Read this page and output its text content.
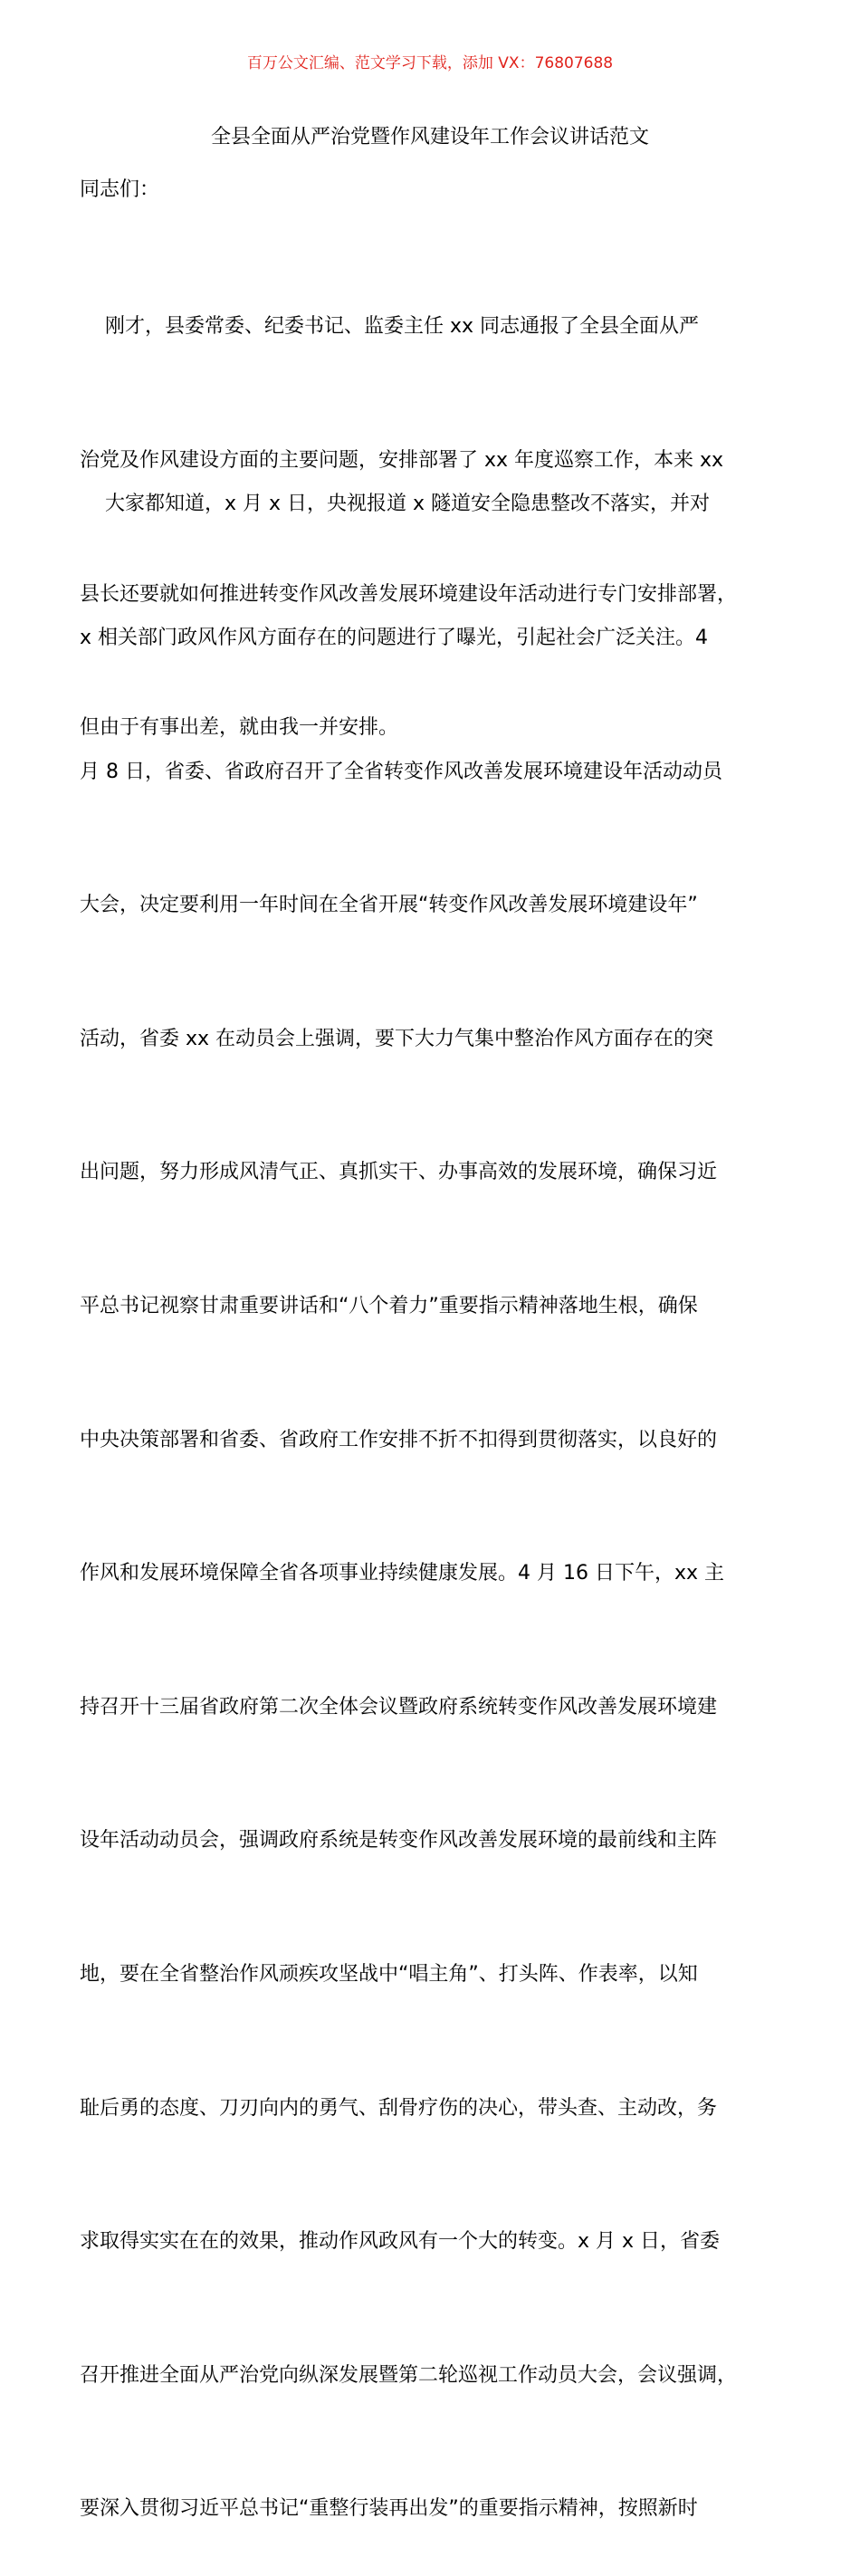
百万公文汇编、范文学习下载，添加 VX：76807688
全县全面从严治党暨作风建设年工作会议讲话范文
同志们：

刚才，县委常委、纪委书记、监委主任 xx 同志通报了全县全面从严

治党及作风建设方面的主要问题，安排部署了 xx 年度巡察工作，本来 xx

县长还要就如何推进转变作风改善发展环境建设年活动进行专门安排部署，

但由于有事出差，就由我一并安排。

大家都知道，x 月 x 日，央视报道 x 隧道安全隐患整改不落实，并对

x 相关部门政风作风方面存在的问题进行了曝光，引起社会广泛关注。4

月 8 日，省委、省政府召开了全省转变作风改善发展环境建设年活动动员

大会，决定要利用一年时间在全省开展“转变作风改善发展环境建设年”

活动，省委 xx 在动员会上强调，要下大力气集中整治作风方面存在的突

出问题，努力形成风清气正、真抓实干、办事高效的发展环境，确保习近

平总书记视察甘肃重要讲话和“八个着力”重要指示精神落地生根，确保

中央决策部署和省委、省政府工作安排不折不扣得到贯彻落实，以良好的

作风和发展环境保障全省各项事业持续健康发展。4 月 16 日下午，xx 主

持召开十三届省政府第二次全体会议暨政府系统转变作风改善发展环境建

设年活动动员会，强调政府系统是转变作风改善发展环境的最前线和主阵

地，要在全省整治作风顽疾攻坚战中“唱主角”、打头阵、作表率，以知

耻后勇的态度、刀刃向内的勇气、刮骨疗伤的决心，带头查、主动改，务

求取得实实在在的效果，推动作风政风有一个大的转变。x 月 x 日，省委

召开推进全面从严治党向纵深发展暨第二轮巡视工作动员大会，会议强调，

要深入贯彻习近平总书记“重整行装再出发”的重要指示精神，按照新时
